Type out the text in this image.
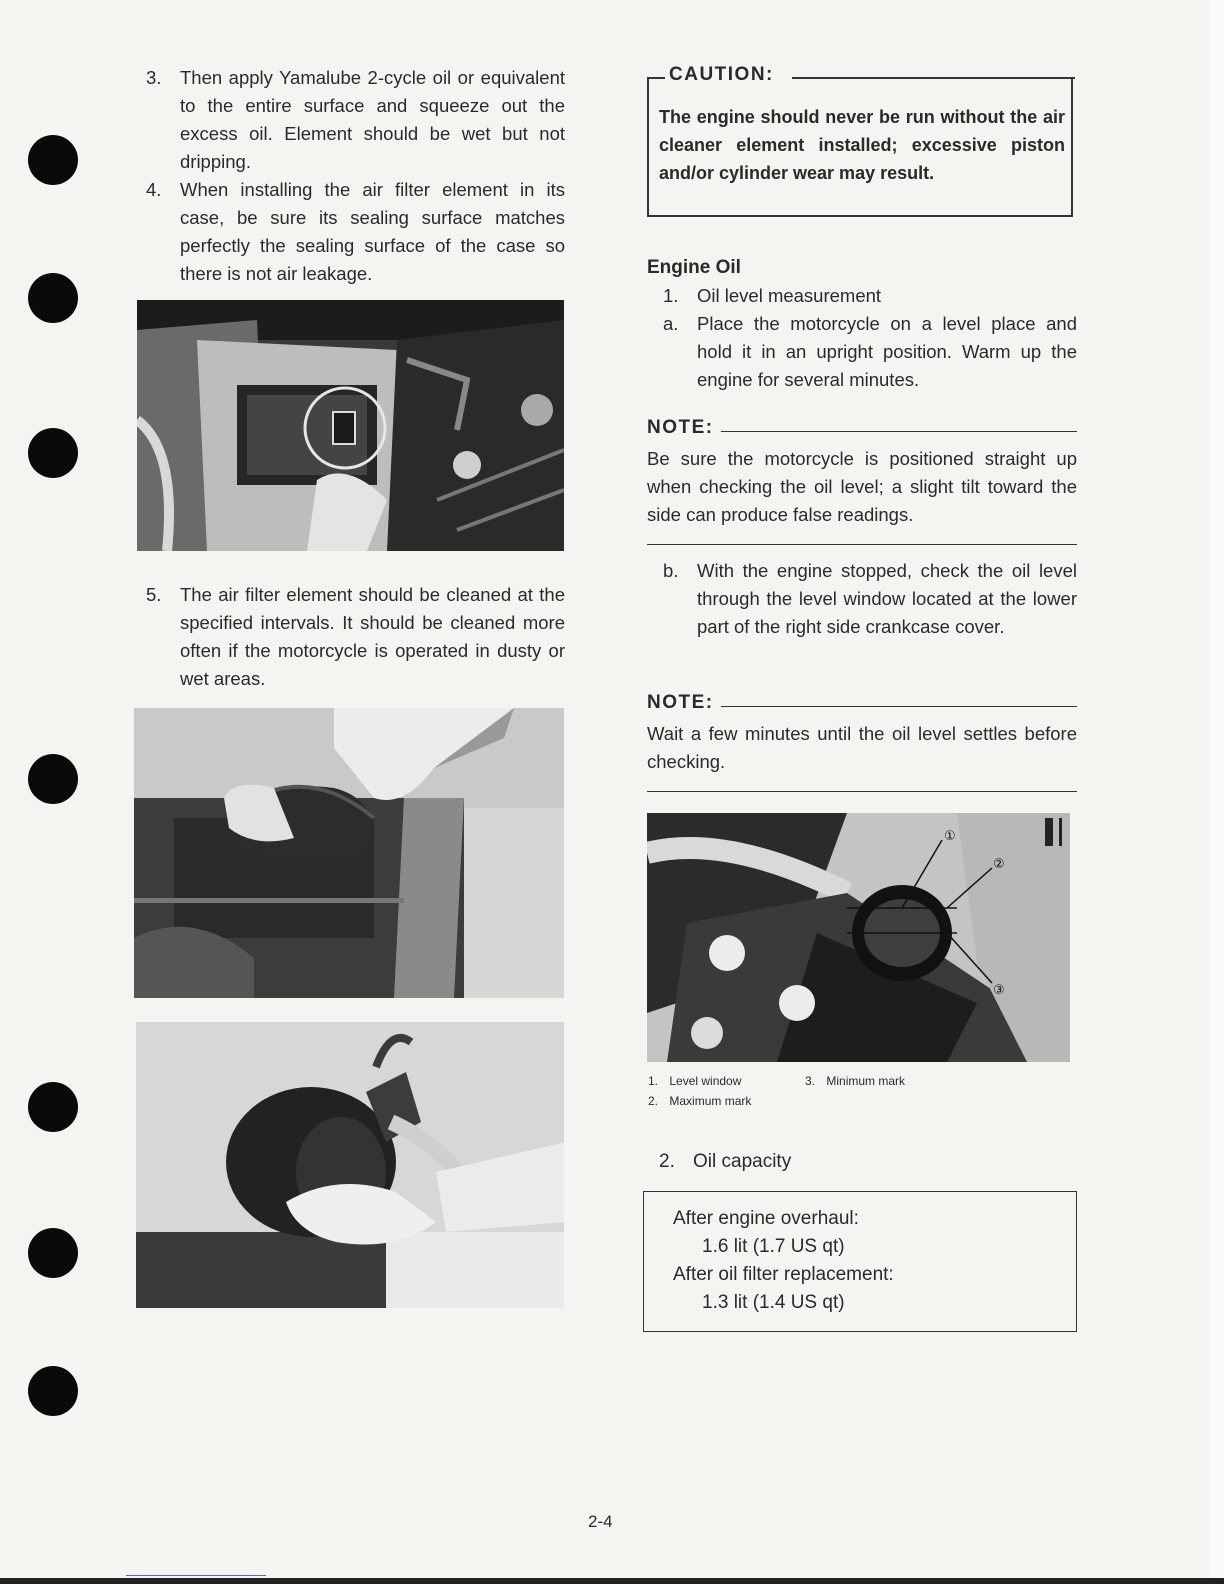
3. Then apply Yamalube 2-cycle oil or equivalent to the entire surface and squeeze out the excess oil. Element should be wet but not dripping.
4. When installing the air filter element in its case, be sure its sealing surface matches perfectly the sealing surface of the case so there is not air leakage.
5. The air filter element should be cleaned at the specified intervals. It should be cleaned more often if the motorcycle is operated in dusty or wet areas.
CAUTION:
The engine should never be run without the air cleaner element installed; excessive piston and/or cylinder wear may result.

Engine Oil

1. Oil level measurement
a. Place the motorcycle on a level place and hold it in an upright position. Warm up the engine for several minutes.
NOTE:

Be sure the motorcycle is positioned straight up when checking the oil level; a slight tilt toward the side can produce false readings.

b. With the engine stopped, check the oil level through the level window located at the lower part of the right side crankcase cover.
NOTE:

Wait a few minutes until the oil level settles before checking.

①
②
③
1. Level window
2. Maximum mark
3. Minimum mark
2. Oil capacity

After engine overhaul:

1.6 lit (1.7 US qt)

After oil filter replacement:

1.3 lit (1.4 US qt)

2-4
